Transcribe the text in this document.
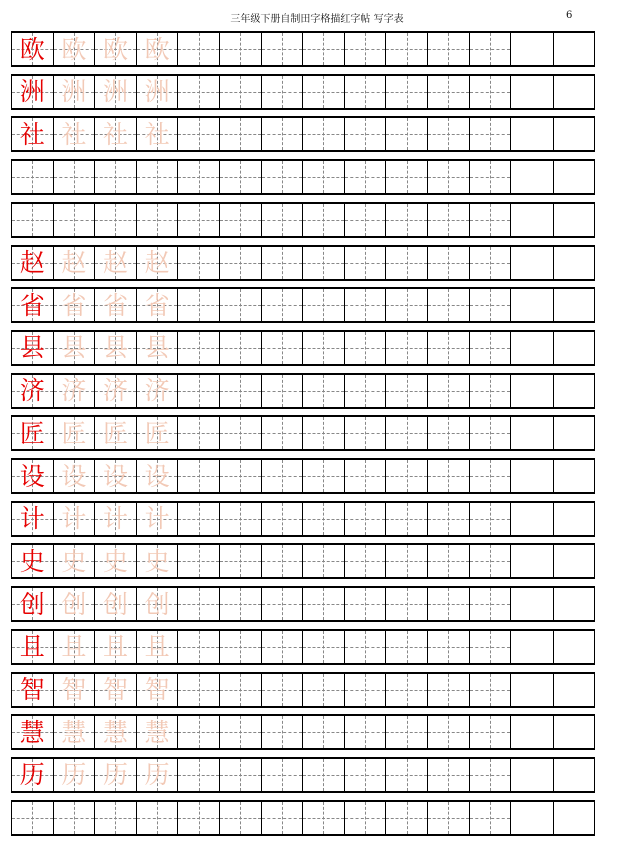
三年级下册自制田字格描红字帖 写字表	6
欧 欧 欧 欧
洲 洲 洲 洲
社 社 社 社
赵 赵 赵 赵
省 省 省 省
县 县 县 县
济 济 济 济
匠 匠 匠 匠
设 设 设 设
计 计 计 计
史 史 史 史
创 创 创 创
且 且 且 且
智 智 智 智
慧 慧 慧 慧
历 历 历 历
